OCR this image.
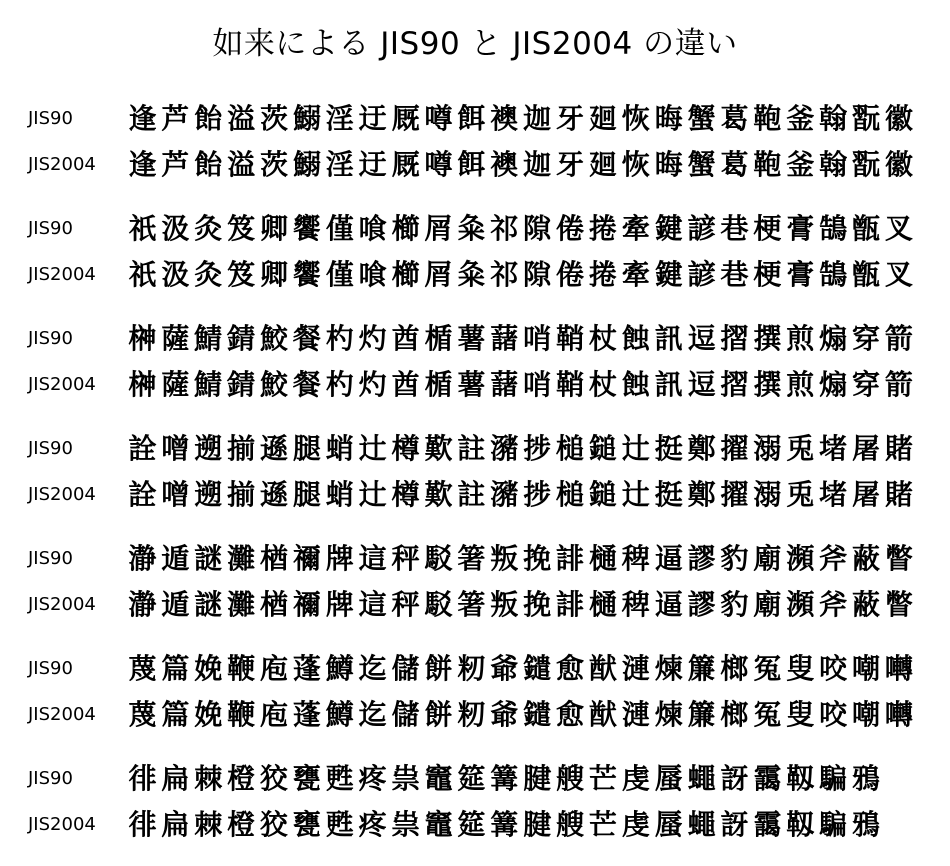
如来による JIS90 と JIS2004 の違い
JIS90	逢 芦 飴 溢 茨 鰯 淫 迂 厩 噂 餌 襖 迦 牙 廻 恢 晦 蟹 葛 鞄 釜 翰 翫 徽
JIS2004	逢 芦 飴 溢 茨 鰯 淫 迂 厩 噂 餌 襖 迦 牙 廻 恢 晦 蟹 葛 鞄 釜 翰 翫 徽
JIS90	祇 汲 灸 笈 卿 饗 僅 喰 櫛 屑 粂 祁 隙 倦 捲 牽 鍵 諺 巷 梗 膏 鵠 甑 叉
JIS2004	祇 汲 灸 笈 卿 饗 僅 喰 櫛 屑 粂 祁 隙 倦 捲 牽 鍵 諺 巷 梗 膏 鵠 甑 叉
JIS90	榊 薩 鯖 錆 鮫 餐 杓 灼 酋 楯 薯 藷 哨 鞘 杖 蝕 訊 逗 摺 撰 煎 煽 穿 箭
JIS2004	榊 薩 鯖 錆 鮫 餐 杓 灼 酋 楯 薯 藷 哨 鞘 杖 蝕 訊 逗 摺 撰 煎 煽 穿 箭
JIS90	詮 噌 遡 揃 遜 腿 蛸 辻 樽 歎 註 瀦 捗 槌 鎚 辻 挺 鄭 擢 溺 兎 堵 屠 賭
JIS2004	詮 噌 遡 揃 遜 腿 蛸 辻 樽 歎 註 瀦 捗 槌 鎚 辻 挺 鄭 擢 溺 兎 堵 屠 賭
JIS90	瀞 遁 謎 灘 楢 禰 牌 這 秤 駁 箸 叛 挽 誹 樋 稗 逼 謬 豹 廟 瀕 斧 蔽 瞥
JIS2004	瀞 遁 謎 灘 楢 禰 牌 這 秤 駁 箸 叛 挽 誹 樋 稗 逼 謬 豹 廟 瀕 斧 蔽 瞥
JIS90	蔑 篇 娩 鞭 庖 蓬 鱒 迄 儲 餅 籾 爺 鑓 愈 猷 漣 煉 簾 榔 冤 叟 咬 嘲 囀
JIS2004	蔑 篇 娩 鞭 庖 蓬 鱒 迄 儲 餅 籾 爺 鑓 愈 猷 漣 煉 簾 榔 冤 叟 咬 嘲 囀
JIS90	徘 扁 棘 橙 狡 甕 甦 疼 祟 竈 筵 篝 腱 艘 芒 虔 蜃 蠅 訝 靄 靱 騙 鴉
JIS2004	徘 扁 棘 橙 狡 甕 甦 疼 祟 竈 筵 篝 腱 艘 芒 虔 蜃 蠅 訝 靄 靱 騙 鴉
